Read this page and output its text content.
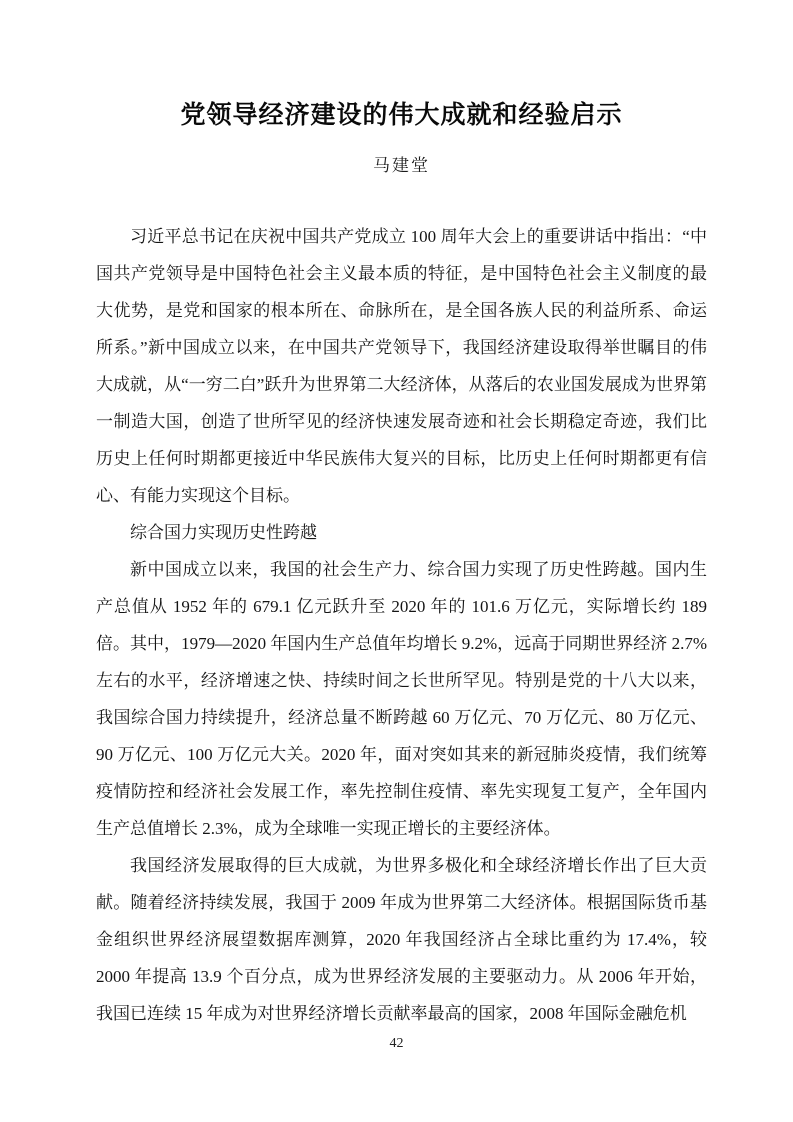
党领导经济建设的伟大成就和经验启示
马建堂

习近平总书记在庆祝中国共产党成立 100 周年大会上的重要讲话中指出：“中国共产党领导是中国特色社会主义最本质的特征，是中国特色社会主义制度的最大优势，是党和国家的根本所在、命脉所在，是全国各族人民的利益所系、命运所系。”新中国成立以来，在中国共产党领导下，我国经济建设取得举世瞩目的伟大成就，从“一穷二白”跃升为世界第二大经济体，从落后的农业国发展成为世界第一制造大国，创造了世所罕见的经济快速发展奇迹和社会长期稳定奇迹，我们比历史上任何时期都更接近中华民族伟大复兴的目标，比历史上任何时期都更有信心、有能力实现这个目标。

综合国力实现历史性跨越

新中国成立以来，我国的社会生产力、综合国力实现了历史性跨越。国内生产总值从 1952 年的 679.1 亿元跃升至 2020 年的 101.6 万亿元，实际增长约 189 倍。其中，1979—2020 年国内生产总值年均增长 9.2%，远高于同期世界经济 2.7%左右的水平，经济增速之快、持续时间之长世所罕见。特别是党的十八大以来，我国综合国力持续提升，经济总量不断跨越 60 万亿元、70 万亿元、80 万亿元、90 万亿元、100 万亿元大关。2020 年，面对突如其来的新冠肺炎疫情，我们统筹疫情防控和经济社会发展工作，率先控制住疫情、率先实现复工复产，全年国内生产总值增长 2.3%，成为全球唯一实现正增长的主要经济体。

我国经济发展取得的巨大成就，为世界多极化和全球经济增长作出了巨大贡献。随着经济持续发展，我国于 2009 年成为世界第二大经济体。根据国际货币基金组织世界经济展望数据库测算，2020 年我国经济占全球比重约为 17.4%，较 2000 年提高 13.9 个百分点，成为世界经济发展的主要驱动力。从 2006 年开始，我国已连续 15 年成为对世界经济增长贡献率最高的国家，2008 年国际金融危机

42
